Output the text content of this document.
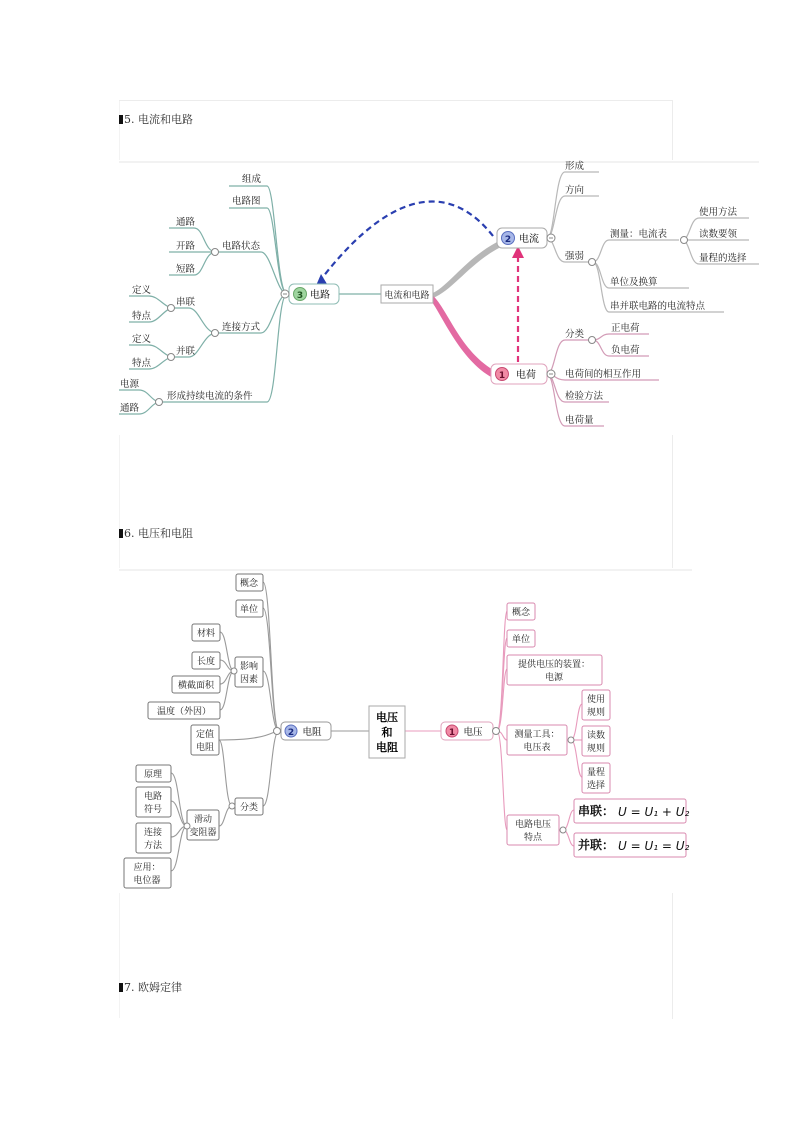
5. 电流和电路
6. 电压和电阻
7. 欧姆定律
电流和电路
3 电路
2 电流
1 电荷
组成
电路图
电路状态
通路
开路
短路
连接方式
串联
并联
定义
特点
定义
特点
形成持续电流的条件
电源
通路
形成
方向
强弱
测量：电流表
使用方法
读数要领
量程的选择
单位及换算
串并联电路的电流特点
分类
正电荷
负电荷
电荷间的相互作用
检验方法
电荷量
电压
和
电阻
2 电阻	1 电压
概念
单位
影响
因素
材料
长度
横截面积
温度（外因）
分类
定值
电阻
滑动
变阻器
原理
电路
符号
连接
方法
应用：
电位器
概念
单位
提供电压的装置：
电源
测量工具：
电压表
使用
规则
读数
规则
量程
选择
电路电压
特点
串联： U = U₁ + U₂
并联： U = U₁ = U₂
